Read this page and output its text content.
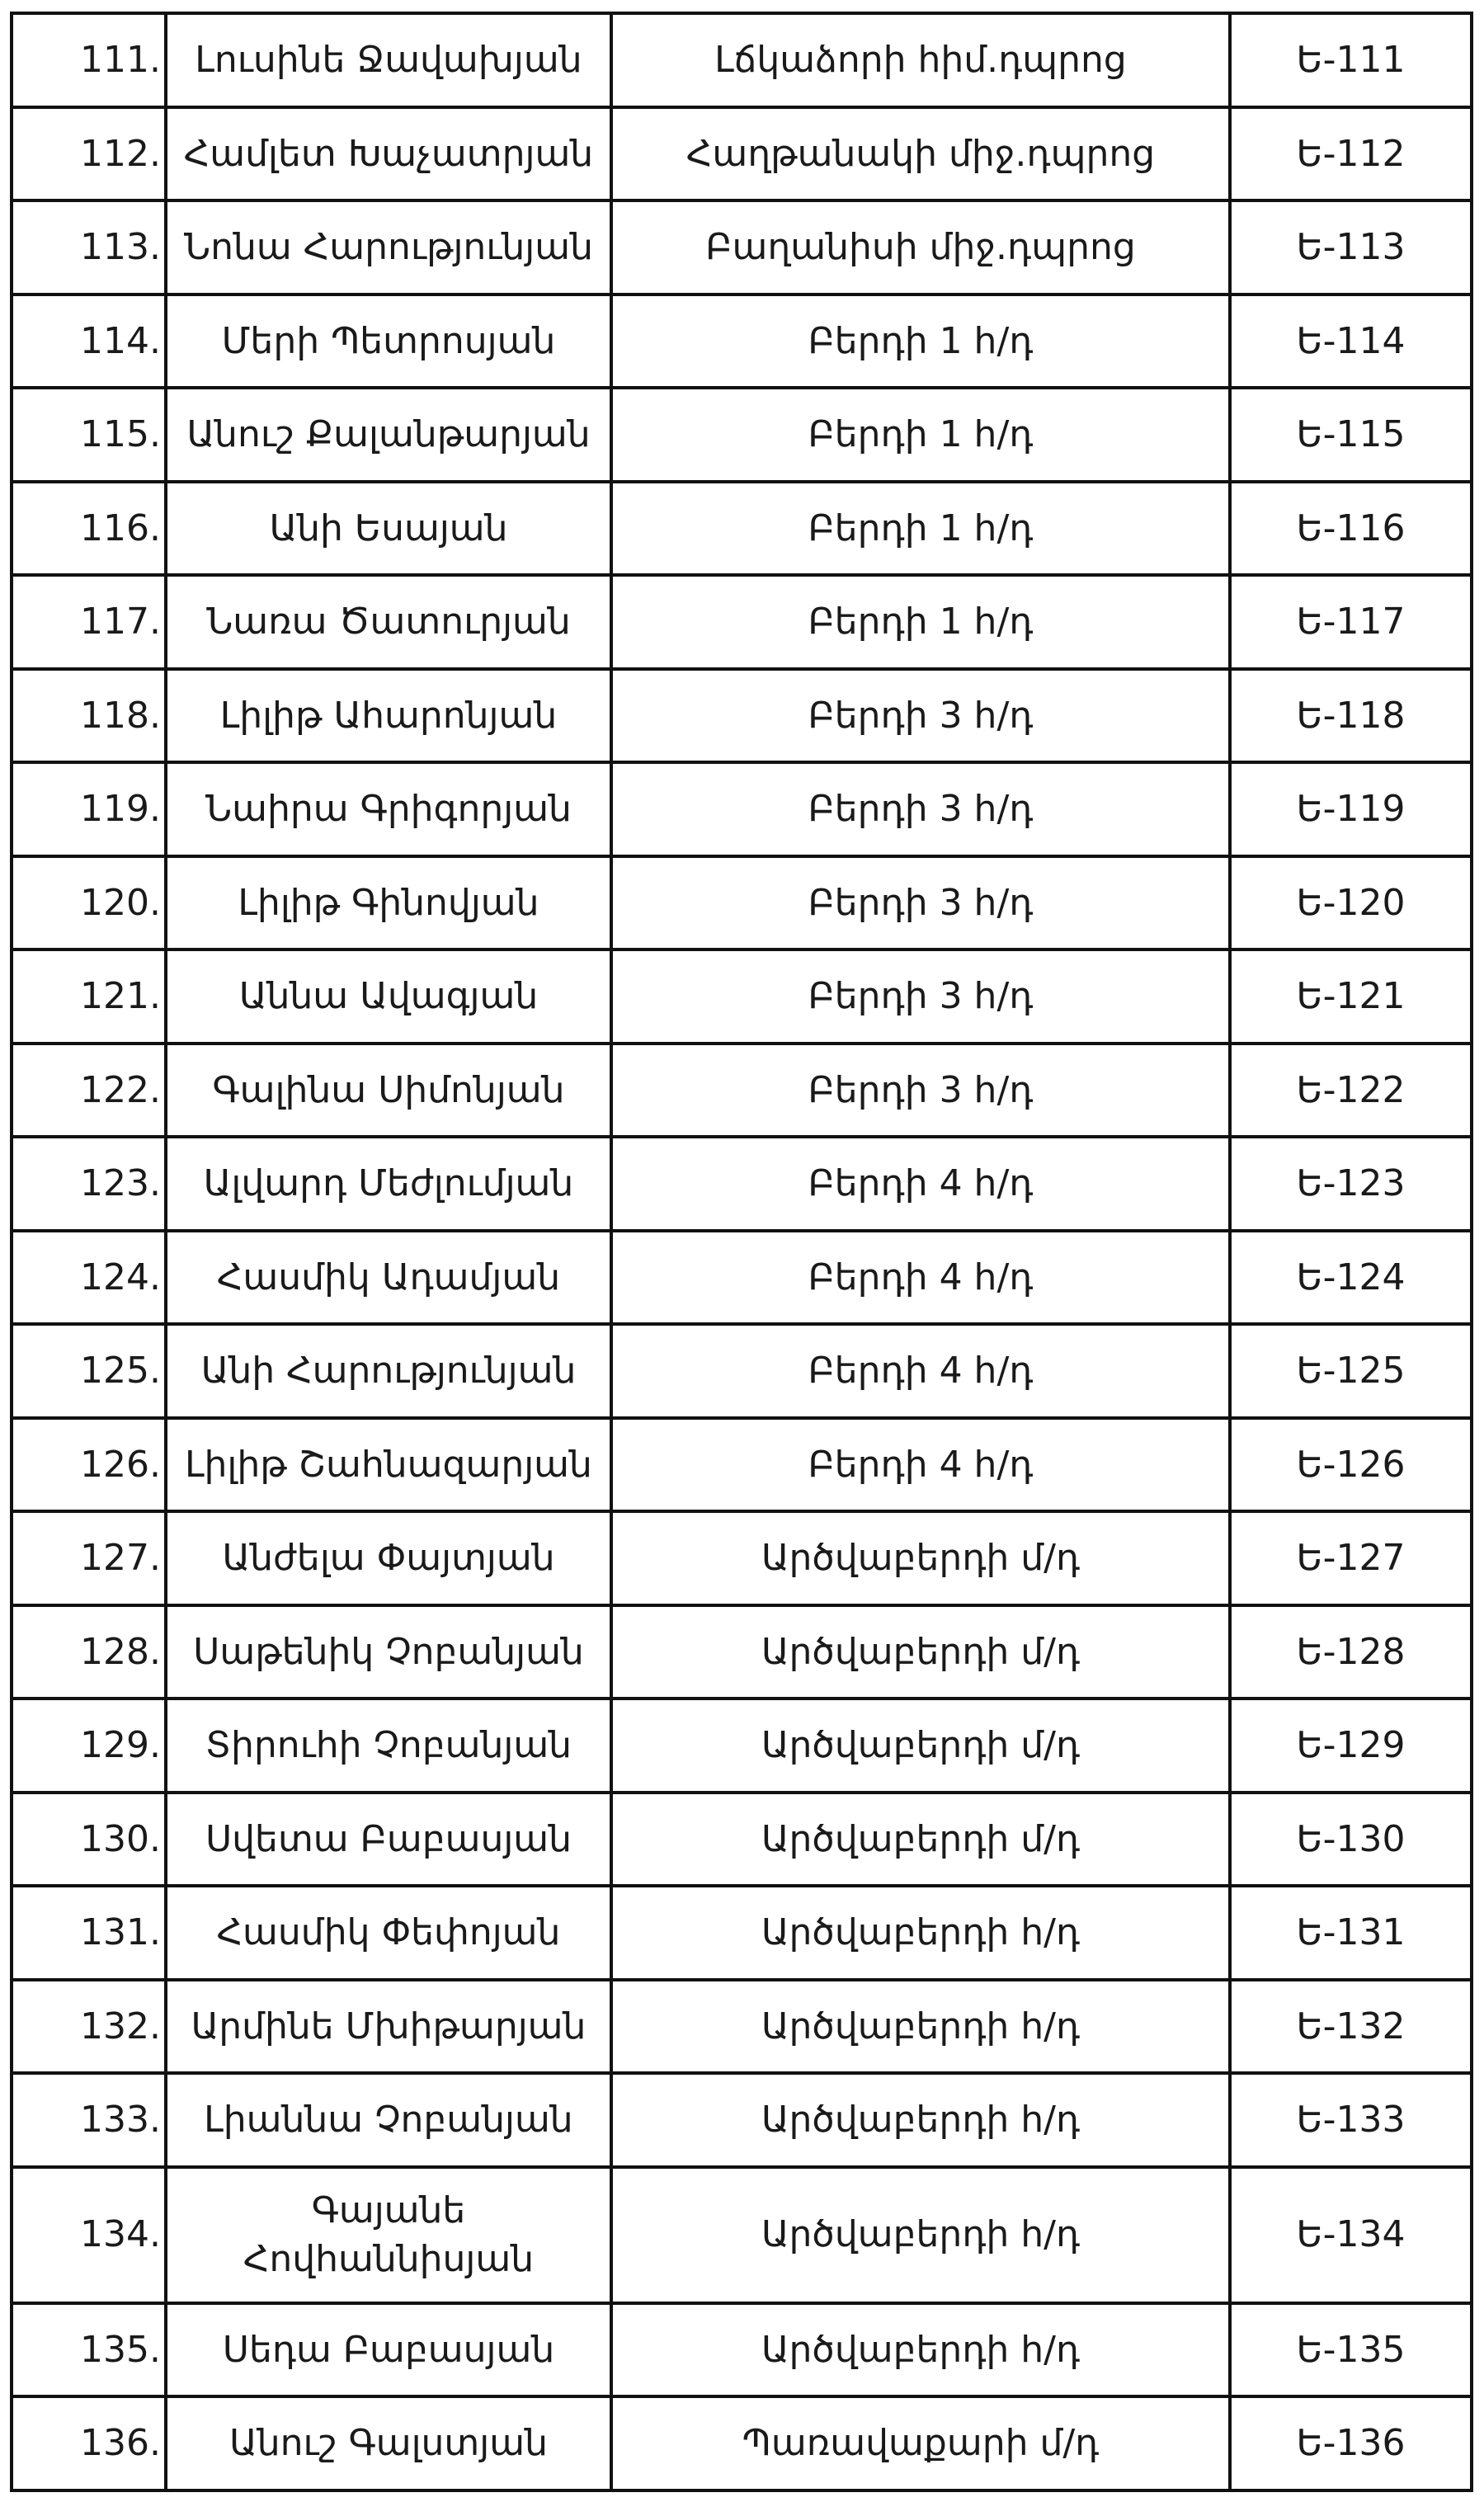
111.	Լուսինե Ջավախյան	Լճկաձորի հիմ.դպրոց	Ե-111
112.	Համլետ Խաչատրյան	Հաղթանակի միջ.դպրոց	Ե-112
113.	Նոնա Հարությունյան	Բաղանիսի միջ.դպրոց	Ե-113
114.	Մերի Պետրոսյան	Բերդի 1 հ/դ	Ե-114
115.	Անուշ Քալանթարյան	Բերդի 1 հ/դ	Ե-115
116.	Անի Եսայան	Բերդի 1 հ/դ	Ե-116
117.	Նառա Ծատուրյան	Բերդի 1 հ/դ	Ե-117
118.	Լիլիթ Ահարոնյան	Բերդի 3 հ/դ	Ե-118
119.	Նաիրա Գրիգորյան	Բերդի 3 հ/դ	Ե-119
120.	Լիլիթ Գինովյան	Բերդի 3 հ/դ	Ե-120
121.	Աննա Ավագյան	Բերդի 3 հ/դ	Ե-121
122.	Գալինա Սիմոնյան	Բերդի 3 հ/դ	Ե-122
123.	Ալվարդ Մեժլումյան	Բերդի 4 հ/դ	Ե-123
124.	Հասմիկ Ադամյան	Բերդի 4 հ/դ	Ե-124
125.	Անի Հարությունյան	Բերդի 4 հ/դ	Ե-125
126.	Լիլիթ Շահնազարյան	Բերդի 4 հ/դ	Ե-126
127.	Անժելա Փայտյան	Արծվաբերդի մ/դ	Ե-127
128.	Սաթենիկ Չոբանյան	Արծվաբերդի մ/դ	Ե-128
129.	Տիրուհի Չոբանյան	Արծվաբերդի մ/դ	Ե-129
130.	Սվետա Բաբասյան	Արծվաբերդի մ/դ	Ե-130
131.	Հասմիկ Փեփոյան	Արծվաբերդի հ/դ	Ե-131
132.	Արմինե Մխիթարյան	Արծվաբերդի հ/դ	Ե-132
133.	Լիաննա Չոբանյան	Արծվաբերդի հ/դ	Ե-133
134.	Գայանե Հովհաննիսյան	Արծվաբերդի հ/դ	Ե-134
135.	Սեդա Բաբասյան	Արծվաբերդի հ/դ	Ե-135
136.	Անուշ Գալստյան	Պառավաքարի մ/դ	Ե-136
